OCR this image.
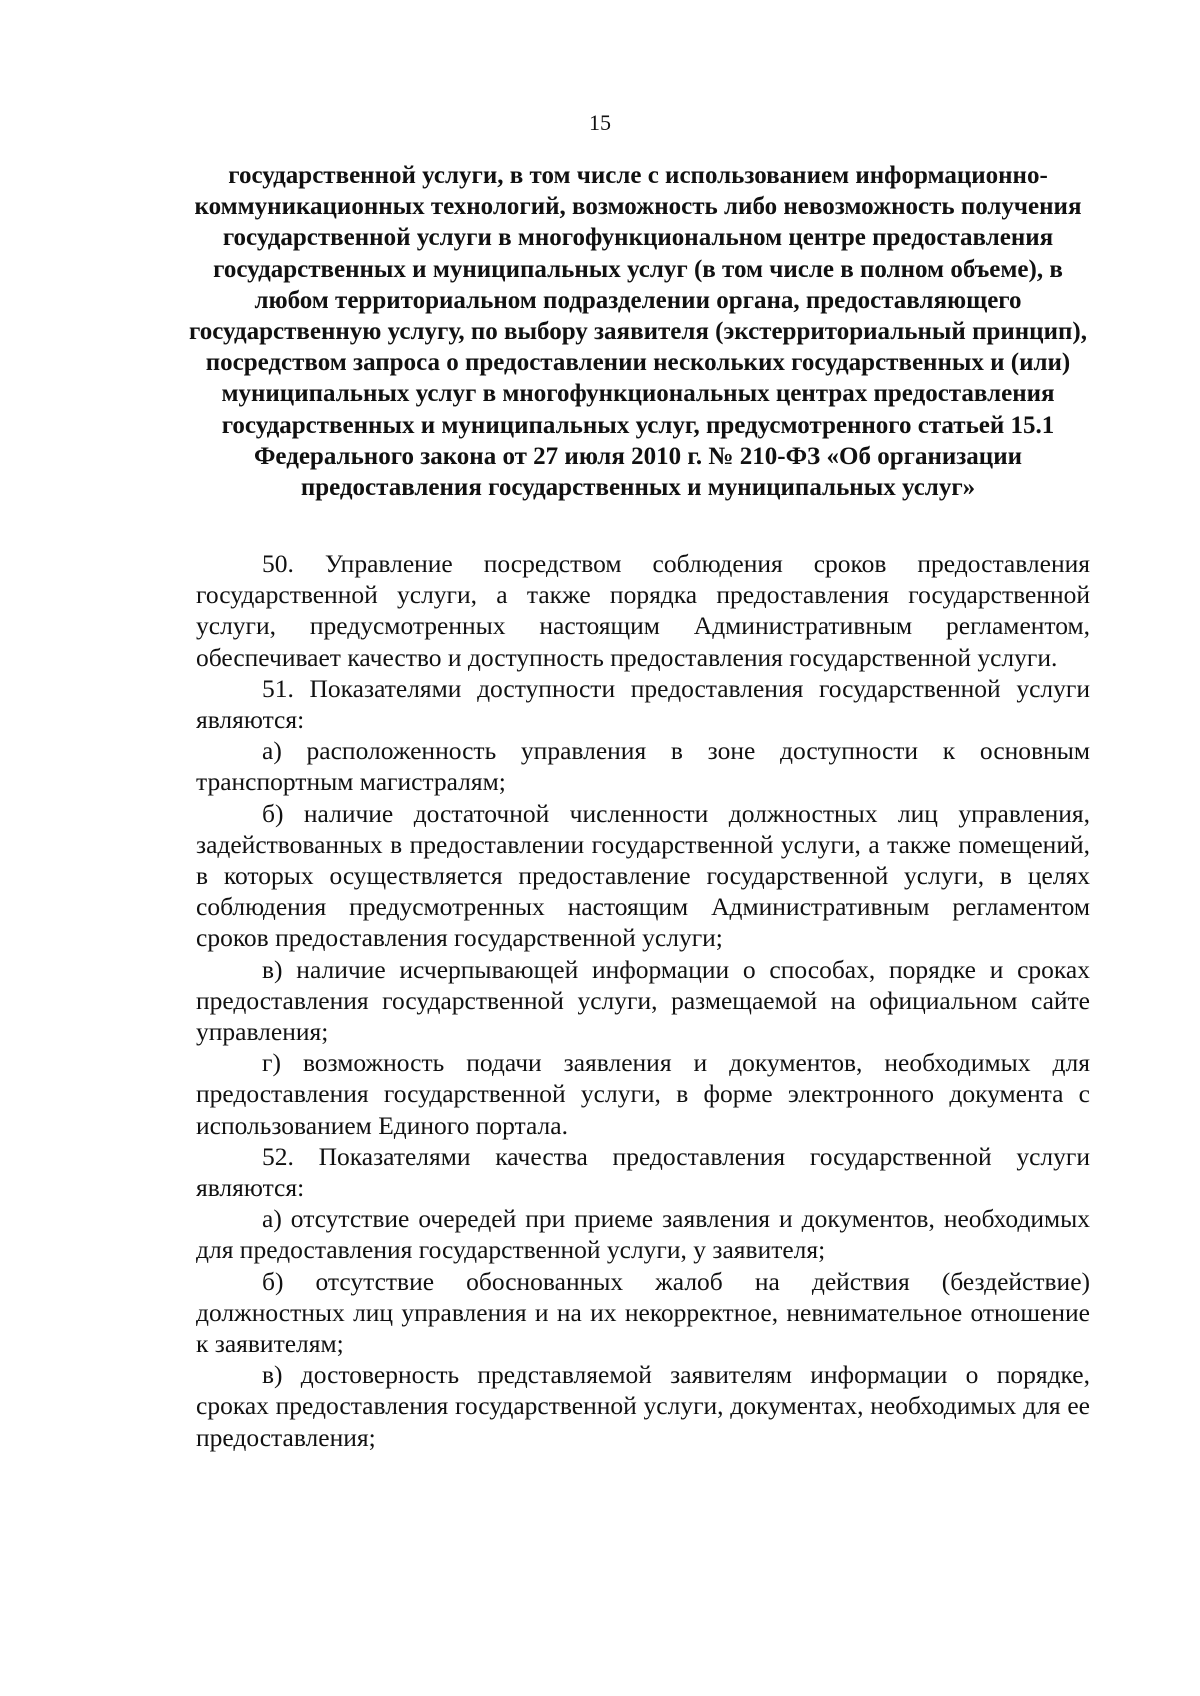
15
государственной услуги, в том числе с использованием информационно-коммуникационных технологий, возможность либо невозможность получения государственной услуги в многофункциональном центре предоставления государственных и муниципальных услуг (в том числе в полном объеме), в любом территориальном подразделении органа, предоставляющего государственную услугу, по выбору заявителя (экстерриториальный принцип), посредством запроса о предоставлении нескольких государственных и (или) муниципальных услуг в многофункциональных центрах предоставления государственных и муниципальных услуг, предусмотренного статьей 15.1 Федерального закона от 27 июля 2010 г. № 210-ФЗ «Об организации предоставления государственных и муниципальных услуг»

50. Управление посредством соблюдения сроков предоставления государственной услуги, а также порядка предоставления государственной услуги, предусмотренных настоящим Административным регламентом, обеспечивает качество и доступность предоставления государственной услуги.

51. Показателями доступности предоставления государственной услуги являются:

а) расположенность управления в зоне доступности к основным транспортным магистралям;

б) наличие достаточной численности должностных лиц управления, задействованных в предоставлении государственной услуги, а также помещений, в которых осуществляется предоставление государственной услуги, в целях соблюдения предусмотренных настоящим Административным регламентом сроков предоставления государственной услуги;

в) наличие исчерпывающей информации о способах, порядке и сроках предоставления государственной услуги, размещаемой на официальном сайте управления;

г) возможность подачи заявления и документов, необходимых для предоставления государственной услуги, в форме электронного документа с использованием Единого портала.

52. Показателями качества предоставления государственной услуги являются:

а) отсутствие очередей при приеме заявления и документов, необходимых для предоставления государственной услуги, у заявителя;

б) отсутствие обоснованных жалоб на действия (бездействие) должностных лиц управления и на их некорректное, невнимательное отношение к заявителям;

в) достоверность представляемой заявителям информации о порядке, сроках предоставления государственной услуги, документах, необходимых для ее предоставления;
